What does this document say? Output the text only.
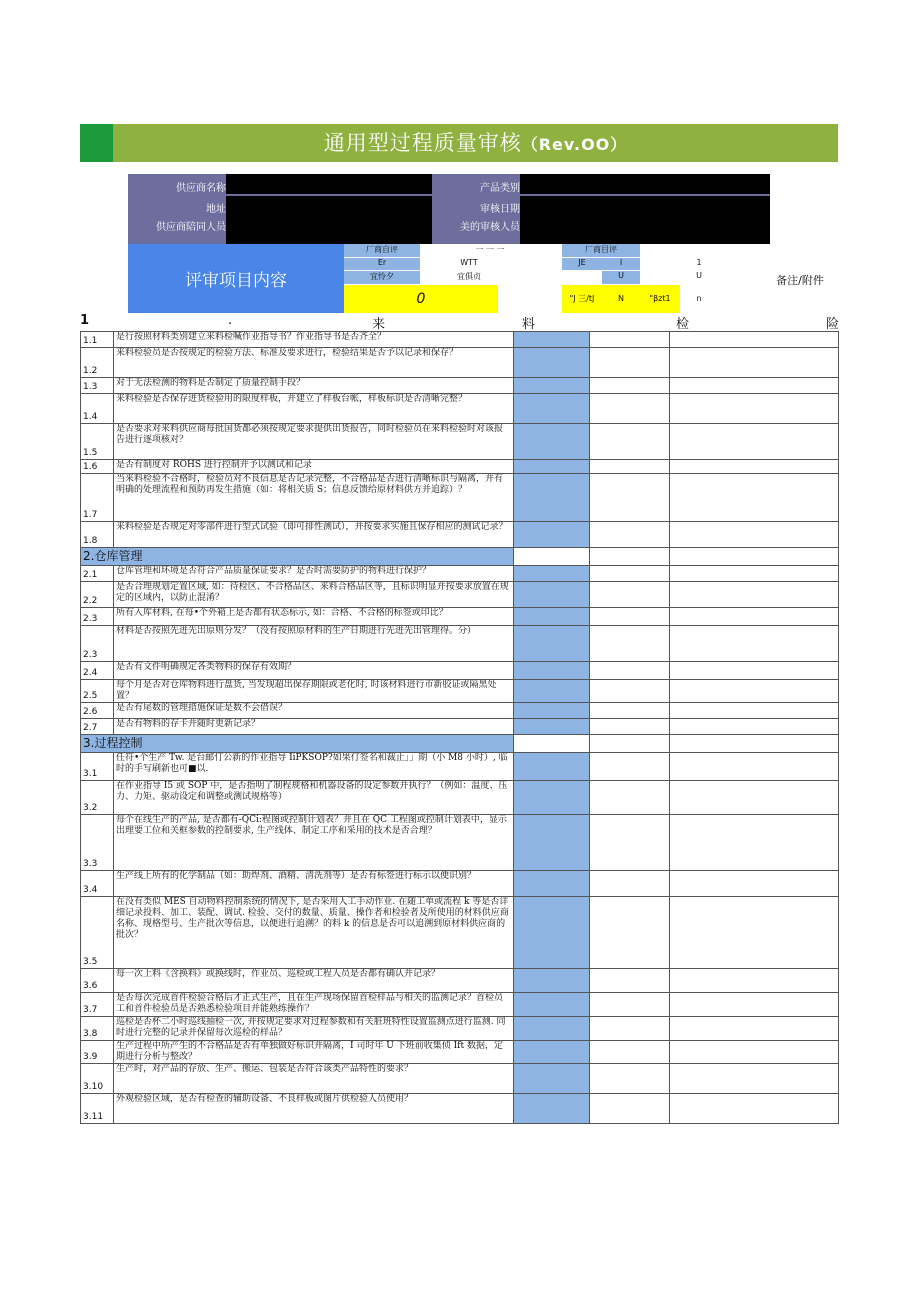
通用型过程质量审核（Rev.OO）
供应商名称	产品类别
地址	审核日期
供应商陪同人员	美的审核人员
评审项目内容
厂商自评	一 一 一	厂商目评
Er	WTT	JE	I	1
宜怜夕	宜俱贞	U	U
0	"J 三/tJ	N	"βzt1	n
备注/附件
1	.	来	料	检	险
1.1	是行按照材料类别建立来料检喊作业指导书？作业指导书是否齐全？			
1.2	来料检验员是否按规定的检验方法、标准及要求进行，检验结果是否予以记录和保存？			
1.3	对于无法检测的物料是否制定了质量控制手段？			
1.4	来料检验是否保存进货检验用的限度样板，并建立了样板台帐，样板标识是否清晰完整？			
1.5	是否要求对来料供应商每批国货都必须按规定要求提供出货报告，同时检验员在来料检验时对该报告进行逐项核对？			
1.6	是否有制度对 ROHS 进行控制并予以测试和记录			
1.7	当来料检验不合格时，检验员对不良信息是否记录完整，不合格品是否进行清晰标识与隔离，并有明确的处理流程和预防再发生措施（如：将相关质 S；信息反馈给原材料供方并追踪）？			
1.8	来料检验是否规定对零部件进行型式试验（即可排性测试），并按要求实施且保存相应的测试记录？			
2.仓库管理				
2.1	仓库管理和环境是否符合产品质量保证要求？是否时需要防护的物料进行保护？			
2.2	是否合理规划定置区域, 如：待检区、不合格品区、来料合格品区等，且标识明显并按要求放置在规定的区域内，以防止混淆？			
2.3	所有入库材料, 在每•个外箱上是否都有状态标示, 如：合格、不合格的标签或印比？			
2.3	材料是否按照先进先出原则分发？（没有按照原材料的生产日期进行先进先出管理得。分）			
2.4	是否有文件明确规定各类物料的保存有效期？			
2.5	每个月是否对仓库物料进行盘货, 当发现超出保存期限或老化时, 时该材料进行市新胶证或隔黑处置？			
2.6	是否有尾数的管理措施保证是数不会借误？			
2.7	是否有物料的存卡并随时更新记录？			
3.过程控制				
3.1	任符•个生产 Tw. 是台邮仃公新的作业指导 IiPKSOP?如果仃签名和裁止」」期（小 M8 小时）, 临时的手写刷新也可■以.			
3.2	在作业指导 I5 或 SOP 中，是否指明了制程规格和机器设备的设定参数并执行？（例如：温度、压力、力矩、驱动设定和调整或测试规格等）			
3.3	每个在线生产的产品, 是否都有-QCi:程图或控制计划表？并且在 QC 工程图或控制计划表中，显示出理要工位和关框参数的控制要求, 生产线体、制定工序和采用的技术是否合理？			
3.4	生产线上所有的化学制品（如：助焊剂、酒精、清洗剂等）是否有标签进行标示以便识别？			
3.5	在没有类似 MES 自动物料控制系统的情况下, 是否采用人工手动作业. 在随工单或流程 k 等是否详细记录投料、加工、装配、调试. 检验、交付的数量、质量、操作者和检验者及所使用的材料供应商名称、现格型号、生产批次等信息，以便进行追溯？的料 k 的信息是否可以追溯到原材料供应商的批次？			
3.6	每一次上料《含换料》或换线时，作业员、巡检或工程人员是否都有确认并记录？			
3.7	是否每次完成首件检验合格后才正式生产，且在生产现场保留首检样品与相关的监测记录？首检员工和首件检验员是否熟悉检验项目并能熟练操作？			
3.8	巡检是否杯二小时巡线抽检一次, 并按规定要求对过程参数和有关脏班特性设置监测点进行监测. 同时进行完整的记录并保留每次巡检的样品？			
3.9	生产过程中所产生的不合格品是否有单独做好标识并隔离，I 司时年 U 下班前收集侦 Ift 数据，定期进行分析与整改？			
3.10	生产时，对产品的存放、生产、搬运、包装是否符合该类产品特性的要求？			
3.11	外观检验区域，是否有检查的辅助设备、不良样板或图片供检验人员使用？			
